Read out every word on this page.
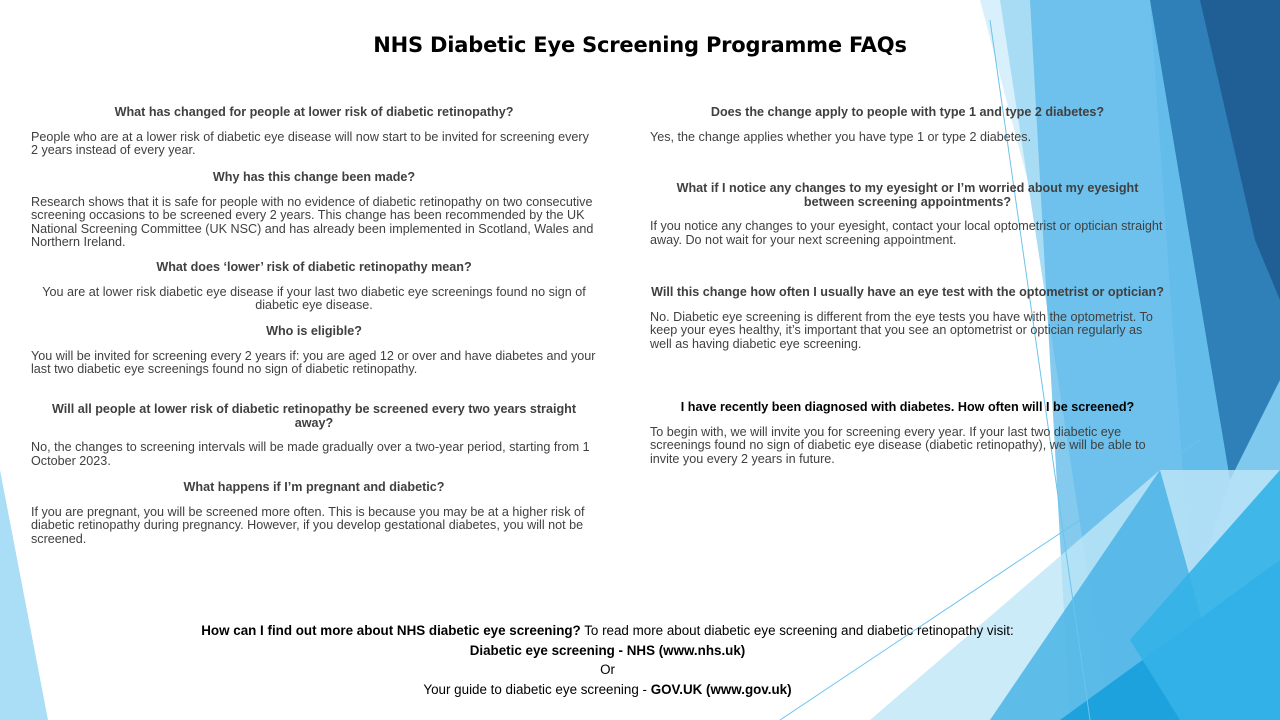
NHS Diabetic Eye Screening Programme FAQs

What has changed for people at lower risk of diabetic retinopathy?

People who are at a lower risk of diabetic eye disease will now start to be invited for screening every 2 years instead of every year.

Why has this change been made?

Research shows that it is safe for people with no evidence of diabetic retinopathy on two consecutive screening occasions to be screened every 2 years. This change has been recommended by the UK National Screening Committee (UK NSC) and has already been implemented in Scotland, Wales and Northern Ireland.

What does ‘lower’ risk of diabetic retinopathy mean?

You are at lower risk diabetic eye disease if your last two diabetic eye screenings found no sign of diabetic eye disease.

Who is eligible?

You will be invited for screening every 2 years if: you are aged 12 or over and have diabetes and your last two diabetic eye screenings found no sign of diabetic retinopathy.

Will all people at lower risk of diabetic retinopathy be screened every two years straight away?

No, the changes to screening intervals will be made gradually over a two-year period, starting from 1 October 2023.

What happens if I’m pregnant and diabetic?

If you are pregnant, you will be screened more often. This is because you may be at a higher risk of diabetic retinopathy during pregnancy. However, if you develop gestational diabetes, you will not be screened.

Does the change apply to people with type 1 and type 2 diabetes?

Yes, the change applies whether you have type 1 or type 2 diabetes.

What if I notice any changes to my eyesight or I’m worried about my eyesight between screening appointments?

If you notice any changes to your eyesight, contact your local optometrist or optician straight away. Do not wait for your next screening appointment.

Will this change how often I usually have an eye test with the optometrist or optician?

No. Diabetic eye screening is different from the eye tests you have with the optometrist. To keep your eyes healthy, it’s important that you see an optometrist or optician regularly as well as having diabetic eye screening.

I have recently been diagnosed with diabetes. How often will I be screened?

To begin with, we will invite you for screening every year. If your last two diabetic eye screenings found no sign of diabetic eye disease (diabetic retinopathy), we will be able to invite you every 2 years in future.

How can I find out more about NHS diabetic eye screening? To read more about diabetic eye screening and diabetic retinopathy visit: Diabetic eye screening - NHS (www.nhs.uk)
Or
Your guide to diabetic eye screening - GOV.UK (www.gov.uk)
